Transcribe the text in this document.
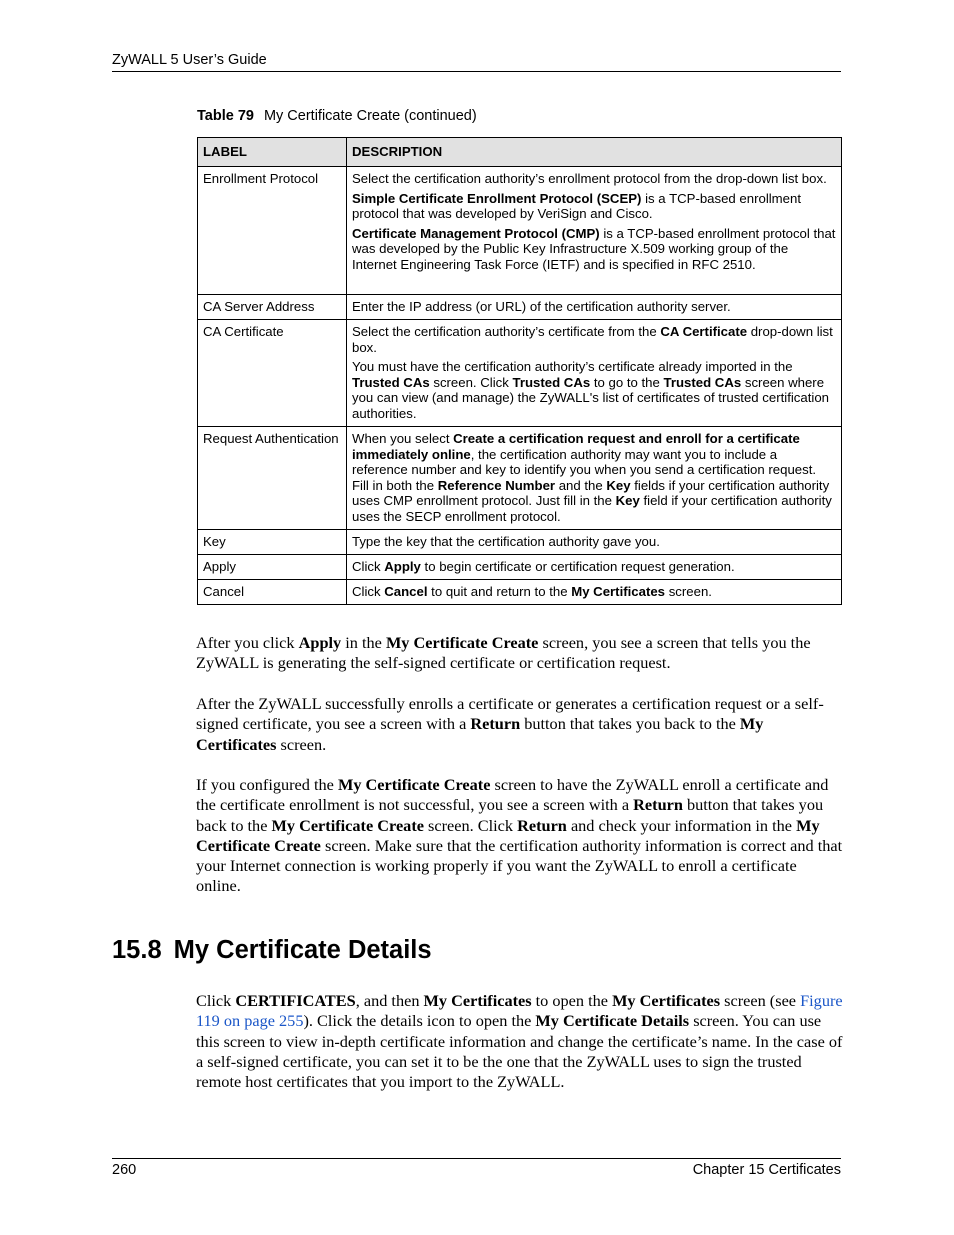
ZyWALL 5 User’s Guide
Table 79 My Certificate Create (continued)
LABEL	DESCRIPTION
Enrollment Protocol	Select the certification authority’s enrollment protocol from the drop-down list box.

Simple Certificate Enrollment Protocol (SCEP) is a TCP-based enrollment protocol that was developed by VeriSign and Cisco.

Certificate Management Protocol (CMP) is a TCP-based enrollment protocol that was developed by the Public Key Infrastructure X.509 working group of the Internet Engineering Task Force (IETF) and is specified in RFC 2510.

CA Server Address	Enter the IP address (or URL) of the certification authority server.
CA Certificate	Select the certification authority’s certificate from the CA Certificate drop-down list box.

You must have the certification authority’s certificate already imported in the Trusted CAs screen. Click Trusted CAs to go to the Trusted CAs screen where you can view (and manage) the ZyWALL's list of certificates of trusted certification authorities.

Request Authentication	When you select Create a certification request and enroll for a certificate immediately online, the certification authority may want you to include a reference number and key to identify you when you send a certification request. Fill in both the Reference Number and the Key fields if your certification authority uses CMP enrollment protocol. Just fill in the Key field if your certification authority uses the SECP enrollment protocol.
Key	Type the key that the certification authority gave you.
Apply	Click Apply to begin certificate or certification request generation.
Cancel	Click Cancel to quit and return to the My Certificates screen.
After you click Apply in the My Certificate Create screen, you see a screen that tells you the ZyWALL is generating the self-signed certificate or certification request.
After the ZyWALL successfully enrolls a certificate or generates a certification request or a self-signed certificate, you see a screen with a Return button that takes you back to the My Certificates screen.
If you configured the My Certificate Create screen to have the ZyWALL enroll a certificate and the certificate enrollment is not successful, you see a screen with a Return button that takes you back to the My Certificate Create screen. Click Return and check your information in the My Certificate Create screen. Make sure that the certification authority information is correct and that your Internet connection is working properly if you want the ZyWALL to enroll a certificate online.
15.8 My Certificate Details
Click CERTIFICATES, and then My Certificates to open the My Certificates screen (see Figure 119 on page 255). Click the details icon to open the My Certificate Details screen. You can use this screen to view in-depth certificate information and change the certificate’s name. In the case of a self-signed certificate, you can set it to be the one that the ZyWALL uses to sign the trusted remote host certificates that you import to the ZyWALL.
260	Chapter 15 Certificates
